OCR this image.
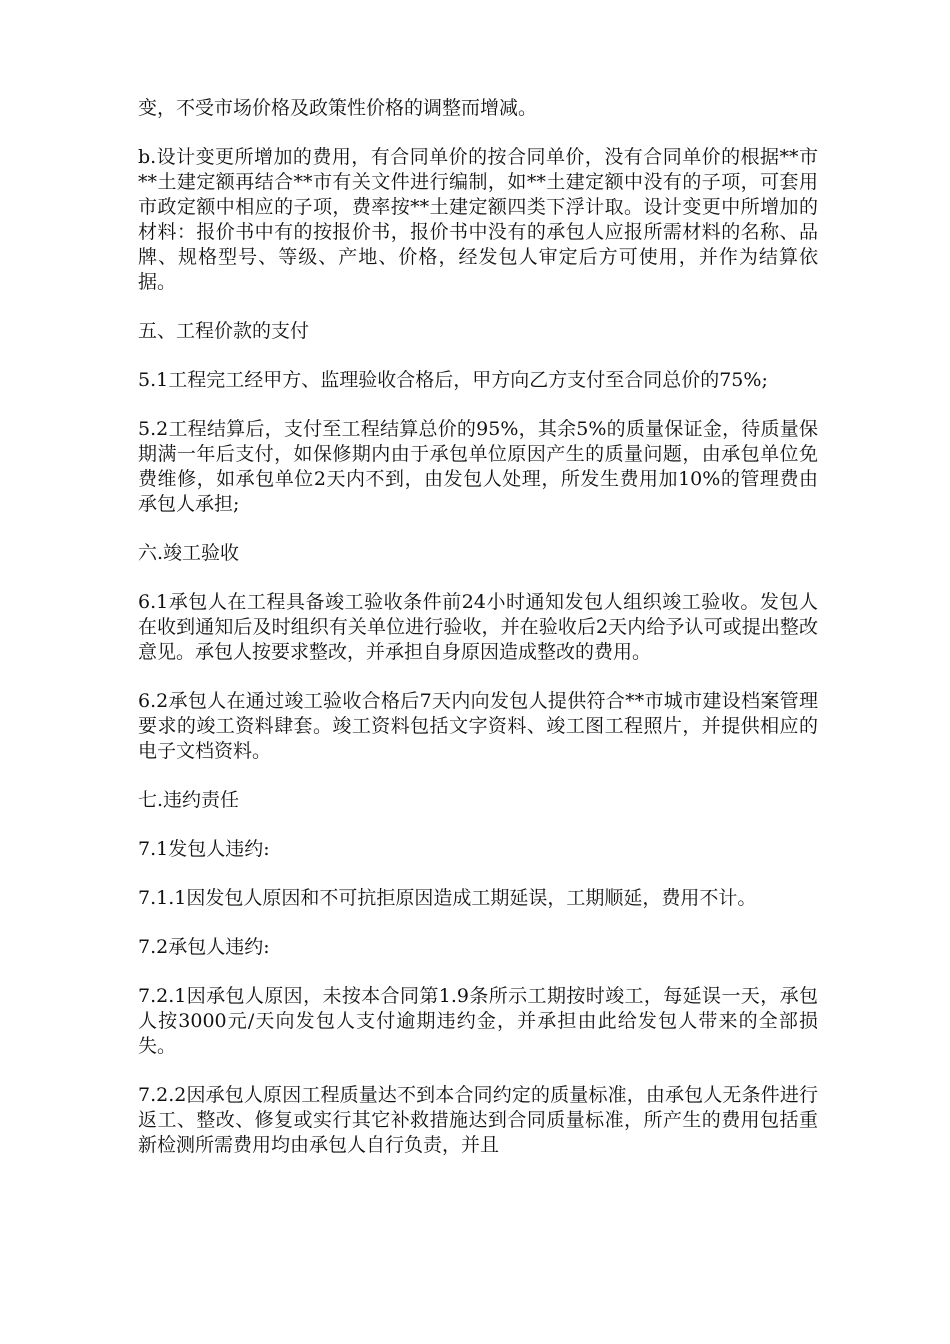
变，不受市场价格及政策性价格的调整而增减。

b.设计变更所增加的费用，有合同单价的按合同单价，没有合同单价的根据**市**土建定额再结合**市有关文件进行编制，如**土建定额中没有的子项，可套用市政定额中相应的子项，费率按**土建定额四类下浮计取。设计变更中所增加的材料：报价书中有的按报价书，报价书中没有的承包人应报所需材料的名称、品牌、规格型号、等级、产地、价格，经发包人审定后方可使用，并作为结算依据。

五、工程价款的支付

5.1工程完工经甲方、监理验收合格后，甲方向乙方支付至合同总价的75%;

5.2工程结算后，支付至工程结算总价的95%，其余5%的质量保证金，待质量保期满一年后支付，如保修期内由于承包单位原因产生的质量问题，由承包单位免费维修，如承包单位2天内不到，由发包人处理，所发生费用加10%的管理费由承包人承担;

六.竣工验收

6.1承包人在工程具备竣工验收条件前24小时通知发包人组织竣工验收。发包人在收到通知后及时组织有关单位进行验收，并在验收后2天内给予认可或提出整改意见。承包人按要求整改，并承担自身原因造成整改的费用。

6.2承包人在通过竣工验收合格后7天内向发包人提供符合**市城市建设档案管理要求的竣工资料肆套。竣工资料包括文字资料、竣工图工程照片，并提供相应的电子文档资料。

七.违约责任

7.1发包人违约:

7.1.1因发包人原因和不可抗拒原因造成工期延误，工期顺延，费用不计。

7.2承包人违约:

7.2.1因承包人原因，未按本合同第1.9条所示工期按时竣工，每延误一天，承包人按3000元/天向发包人支付逾期违约金，并承担由此给发包人带来的全部损失。

7.2.2因承包人原因工程质量达不到本合同约定的质量标准，由承包人无条件进行返工、整改、修复或实行其它补救措施达到合同质量标准，所产生的费用包括重新检测所需费用均由承包人自行负责，并且
